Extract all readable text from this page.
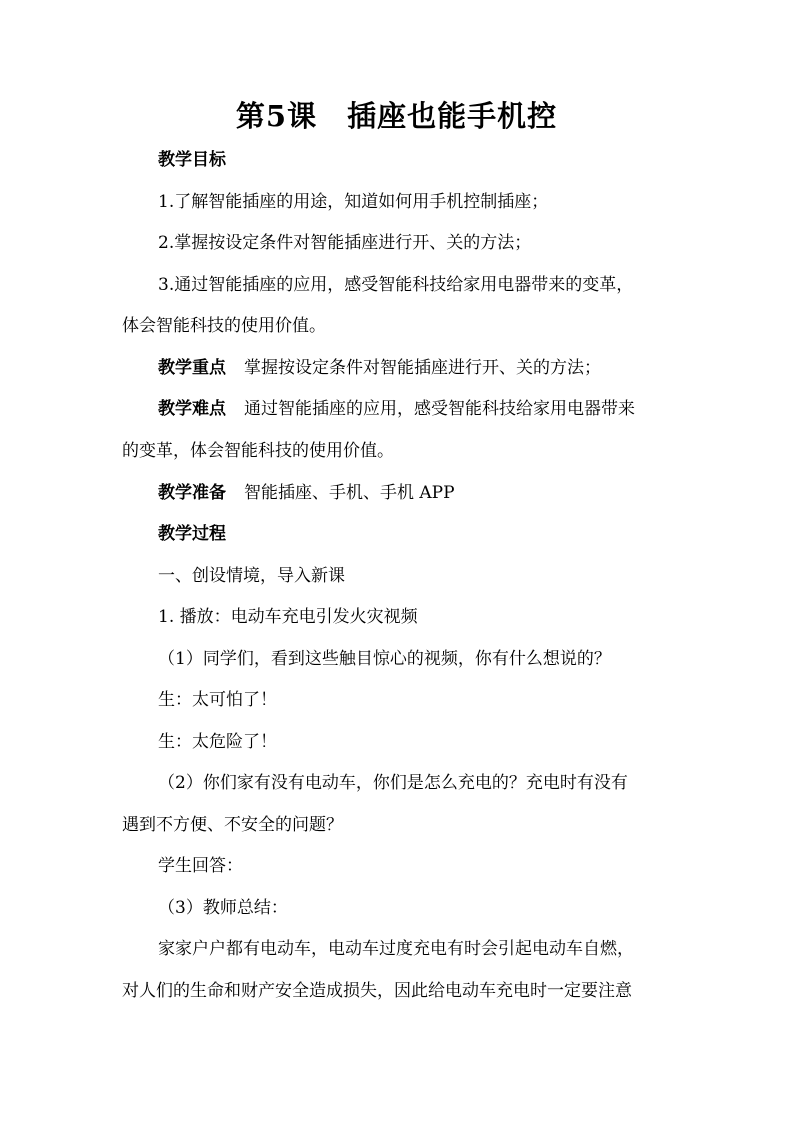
第5课 插座也能手机控
教学目标
1.了解智能插座的用途，知道如何用手机控制插座；
2.掌握按设定条件对智能插座进行开、关的方法；
3.通过智能插座的应用，感受智能科技给家用电器带来的变革，
体会智能科技的使用价值。
教学重点 掌握按设定条件对智能插座进行开、关的方法；
教学难点 通过智能插座的应用，感受智能科技给家用电器带来
的变革，体会智能科技的使用价值。
教学准备 智能插座、手机、手机 APP
教学过程
一、创设情境，导入新课
1. 播放：电动车充电引发火灾视频
（1）同学们，看到这些触目惊心的视频，你有什么想说的？
生：太可怕了！
生：太危险了！
（2）你们家有没有电动车，你们是怎么充电的？充电时有没有
遇到不方便、不安全的问题？
学生回答：
（3）教师总结：
家家户户都有电动车，电动车过度充电有时会引起电动车自燃，
对人们的生命和财产安全造成损失，因此给电动车充电时一定要注意
